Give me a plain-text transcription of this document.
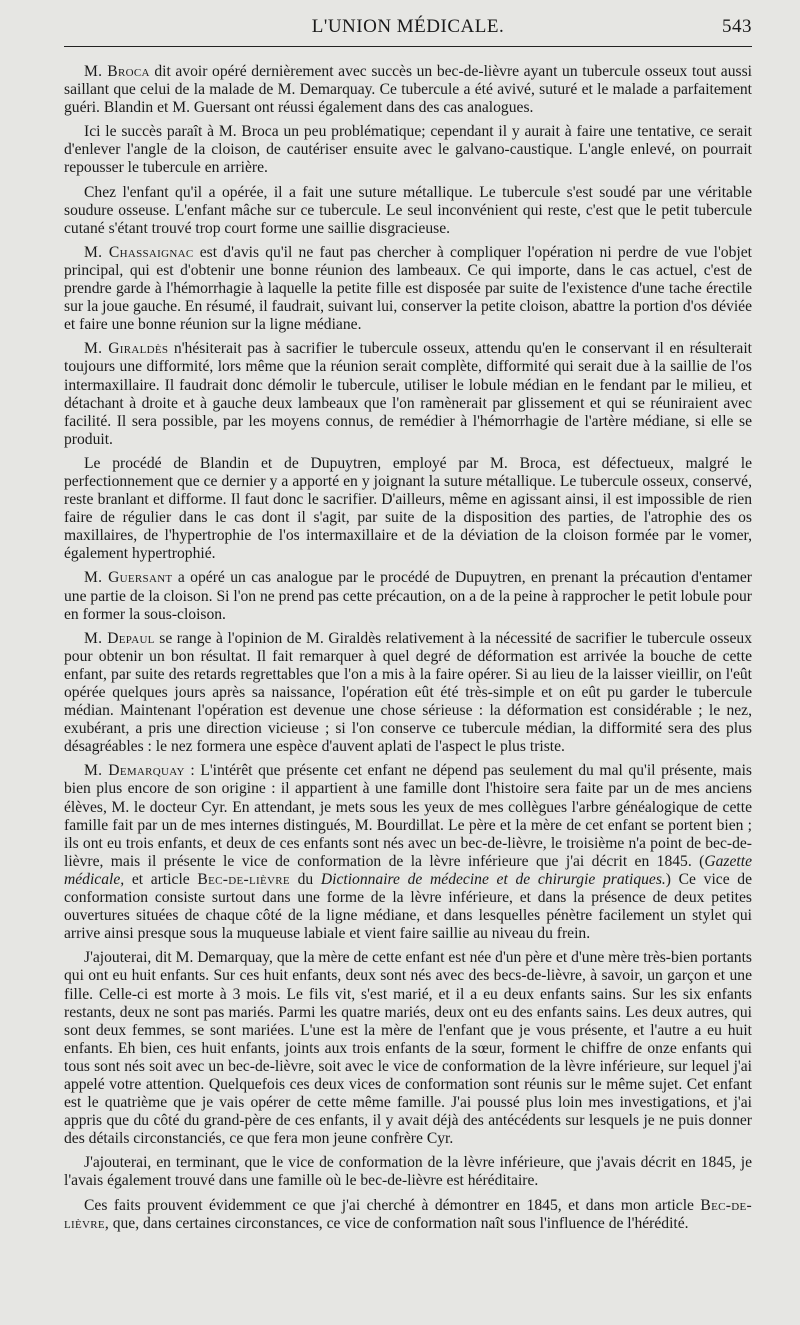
L'UNION MÉDICALE.	543

M. Broca dit avoir opéré dernièrement avec succès un bec-de-lièvre ayant un tubercule osseux tout aussi saillant que celui de la malade de M. Demarquay. Ce tubercule a été avivé, suturé et le malade a parfaitement guéri. Blandin et M. Guersant ont réussi également dans des cas analogues.

Ici le succès paraît à M. Broca un peu problématique; cependant il y aurait à faire une tentative, ce serait d'enlever l'angle de la cloison, de cautériser ensuite avec le galvano-caustique. L'angle enlevé, on pourrait repousser le tubercule en arrière.

Chez l'enfant qu'il a opérée, il a fait une suture métallique. Le tubercule s'est soudé par une véritable soudure osseuse. L'enfant mâche sur ce tubercule. Le seul inconvénient qui reste, c'est que le petit tubercule cutané s'étant trouvé trop court forme une saillie disgracieuse.

M. Chassaignac est d'avis qu'il ne faut pas chercher à compliquer l'opération ni perdre de vue l'objet principal, qui est d'obtenir une bonne réunion des lambeaux. Ce qui importe, dans le cas actuel, c'est de prendre garde à l'hémorrhagie à laquelle la petite fille est disposée par suite de l'existence d'une tache érectile sur la joue gauche. En résumé, il faudrait, suivant lui, conserver la petite cloison, abattre la portion d'os déviée et faire une bonne réunion sur la ligne médiane.

M. Giraldès n'hésiterait pas à sacrifier le tubercule osseux, attendu qu'en le conservant il en résulterait toujours une difformité, lors même que la réunion serait complète, difformité qui serait due à la saillie de l'os intermaxillaire. Il faudrait donc démolir le tubercule, utiliser le lobule médian en le fendant par le milieu, et détachant à droite et à gauche deux lambeaux que l'on ramènerait par glissement et qui se réuniraient avec facilité. Il sera possible, par les moyens connus, de remédier à l'hémorrhagie de l'artère médiane, si elle se produit.

Le procédé de Blandin et de Dupuytren, employé par M. Broca, est défectueux, malgré le perfectionnement que ce dernier y a apporté en y joignant la suture métallique. Le tubercule osseux, conservé, reste branlant et difforme. Il faut donc le sacrifier. D'ailleurs, même en agissant ainsi, il est impossible de rien faire de régulier dans le cas dont il s'agit, par suite de la disposition des parties, de l'atrophie des os maxillaires, de l'hypertrophie de l'os intermaxillaire et de la déviation de la cloison formée par le vomer, également hypertrophié.

M. Guersant a opéré un cas analogue par le procédé de Dupuytren, en prenant la précaution d'entamer une partie de la cloison. Si l'on ne prend pas cette précaution, on a de la peine à rapprocher le petit lobule pour en former la sous-cloison.

M. Depaul se range à l'opinion de M. Giraldès relativement à la nécessité de sacrifier le tubercule osseux pour obtenir un bon résultat. Il fait remarquer à quel degré de déformation est arrivée la bouche de cette enfant, par suite des retards regrettables que l'on a mis à la faire opérer. Si au lieu de la laisser vieillir, on l'eût opérée quelques jours après sa naissance, l'opération eût été très-simple et on eût pu garder le tubercule médian. Maintenant l'opération est devenue une chose sérieuse : la déformation est considérable ; le nez, exubérant, a pris une direction vicieuse ; si l'on conserve ce tubercule médian, la difformité sera des plus désagréables : le nez formera une espèce d'auvent aplati de l'aspect le plus triste.

M. Demarquay : L'intérêt que présente cet enfant ne dépend pas seulement du mal qu'il présente, mais bien plus encore de son origine : il appartient à une famille dont l'histoire sera faite par un de mes anciens élèves, M. le docteur Cyr. En attendant, je mets sous les yeux de mes collègues l'arbre généalogique de cette famille fait par un de mes internes distingués, M. Bourdillat. Le père et la mère de cet enfant se portent bien ; ils ont eu trois enfants, et deux de ces enfants sont nés avec un bec-de-lièvre, le troisième n'a point de bec-de-lièvre, mais il présente le vice de conformation de la lèvre inférieure que j'ai décrit en 1845. (Gazette médicale, et article Bec-de-lièvre du Dictionnaire de médecine et de chirurgie pratiques.) Ce vice de conformation consiste surtout dans une forme de la lèvre inférieure, et dans la présence de deux petites ouvertures situées de chaque côté de la ligne médiane, et dans lesquelles pénètre facilement un stylet qui arrive ainsi presque sous la muqueuse labiale et vient faire saillie au niveau du frein.

J'ajouterai, dit M. Demarquay, que la mère de cette enfant est née d'un père et d'une mère très-bien portants qui ont eu huit enfants. Sur ces huit enfants, deux sont nés avec des becs-de-lièvre, à savoir, un garçon et une fille. Celle-ci est morte à 3 mois. Le fils vit, s'est marié, et il a eu deux enfants sains. Sur les six enfants restants, deux ne sont pas mariés. Parmi les quatre mariés, deux ont eu des enfants sains. Les deux autres, qui sont deux femmes, se sont mariées. L'une est la mère de l'enfant que je vous présente, et l'autre a eu huit enfants. Eh bien, ces huit enfants, joints aux trois enfants de la sœur, forment le chiffre de onze enfants qui tous sont nés soit avec un bec-de-lièvre, soit avec le vice de conformation de la lèvre inférieure, sur lequel j'ai appelé votre attention. Quelquefois ces deux vices de conformation sont réunis sur le même sujet. Cet enfant est le quatrième que je vais opérer de cette même famille. J'ai poussé plus loin mes investigations, et j'ai appris que du côté du grand-père de ces enfants, il y avait déjà des antécédents sur lesquels je ne puis donner des détails circonstanciés, ce que fera mon jeune confrère Cyr.

J'ajouterai, en terminant, que le vice de conformation de la lèvre inférieure, que j'avais décrit en 1845, je l'avais également trouvé dans une famille où le bec-de-lièvre est héréditaire.

Ces faits prouvent évidemment ce que j'ai cherché à démontrer en 1845, et dans mon article Bec-de-lièvre, que, dans certaines circonstances, ce vice de conformation naît sous l'influence de l'hérédité.
